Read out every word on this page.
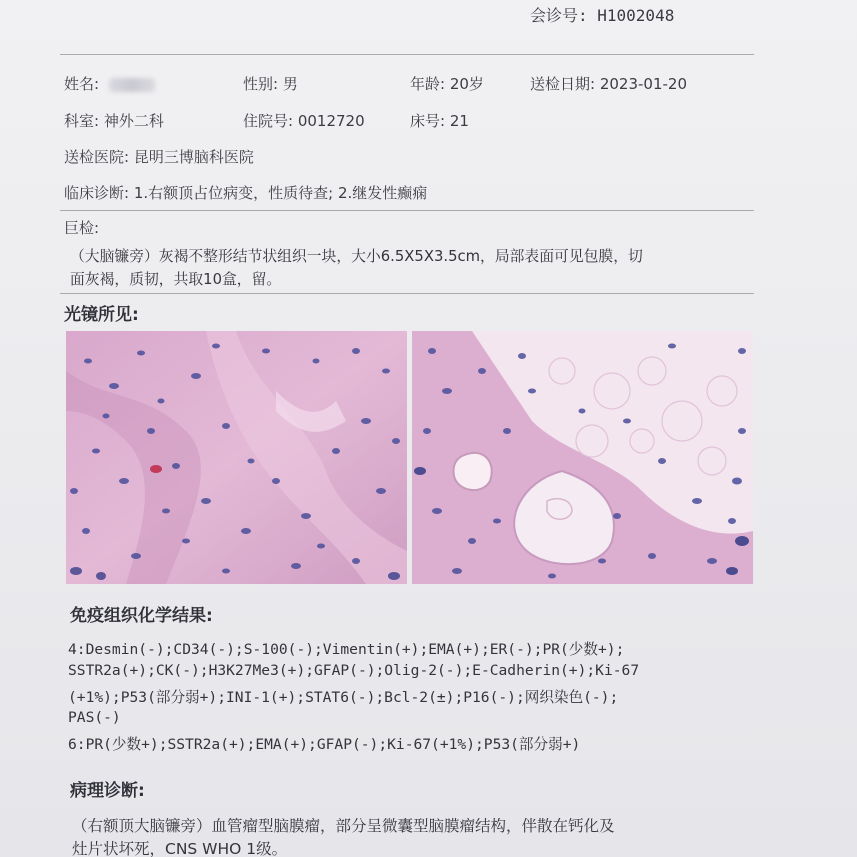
会诊号: H1002048
姓名:	性别: 男	年龄: 20岁	送检日期: 2023-01-20
科室: 神外二科	住院号: 0012720	床号: 21
送检医院: 昆明三博脑科医院
临床诊断: 1.右额顶占位病变，性质待查; 2.继发性癫痫
巨检:
（大脑镰旁）灰褐不整形结节状组织一块，大小6.5X5X3.5cm，局部表面可见包膜，切
面灰褐，质韧，共取10盒，留。
光镜所见:
免疫组织化学结果:
4:Desmin(-);CD34(-);S-100(-);Vimentin(+);EMA(+);ER(-);PR(少数+);
SSTR2a(+);CK(-);H3K27Me3(+);GFAP(-);Olig-2(-);E-Cadherin(+);Ki-67
(+1%);P53(部分弱+);INI-1(+);STAT6(-);Bcl-2(±);P16(-);网织染色(-);
PAS(-)
6:PR(少数+);SSTR2a(+);EMA(+);GFAP(-);Ki-67(+1%);P53(部分弱+)
病理诊断:
（右额顶大脑镰旁）血管瘤型脑膜瘤，部分呈微囊型脑膜瘤结构，伴散在钙化及
灶片状坏死，CNS WHO 1级。
